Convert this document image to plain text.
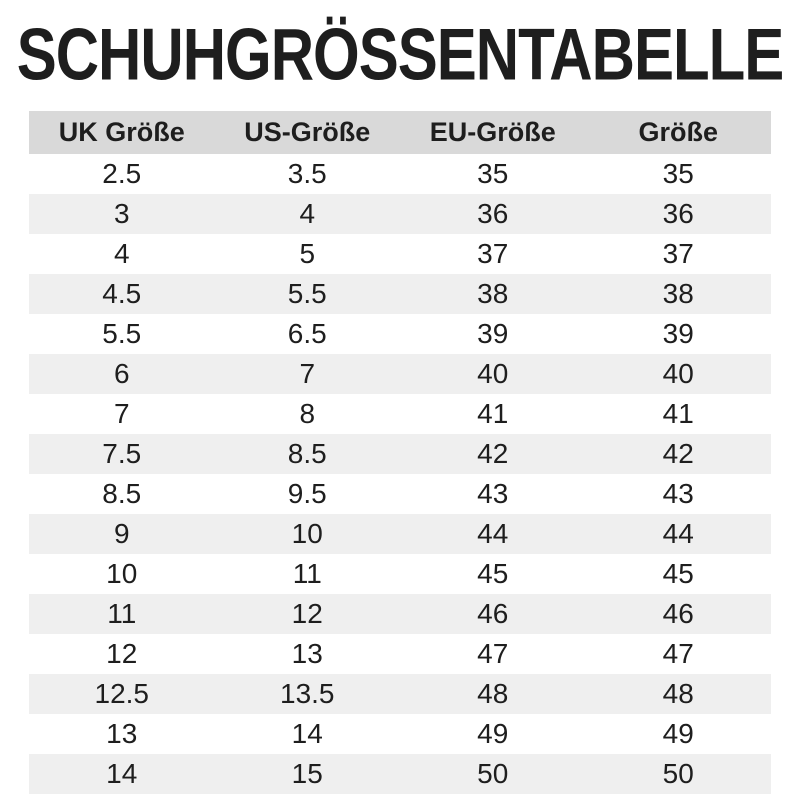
SCHUHGRÖSSENTABELLE
UK Größe	US-Größe	EU-Größe	Größe
2.5	3.5	35	35
3	4	36	36
4	5	37	37
4.5	5.5	38	38
5.5	6.5	39	39
6	7	40	40
7	8	41	41
7.5	8.5	42	42
8.5	9.5	43	43
9	10	44	44
10	11	45	45
11	12	46	46
12	13	47	47
12.5	13.5	48	48
13	14	49	49
14	15	50	50
